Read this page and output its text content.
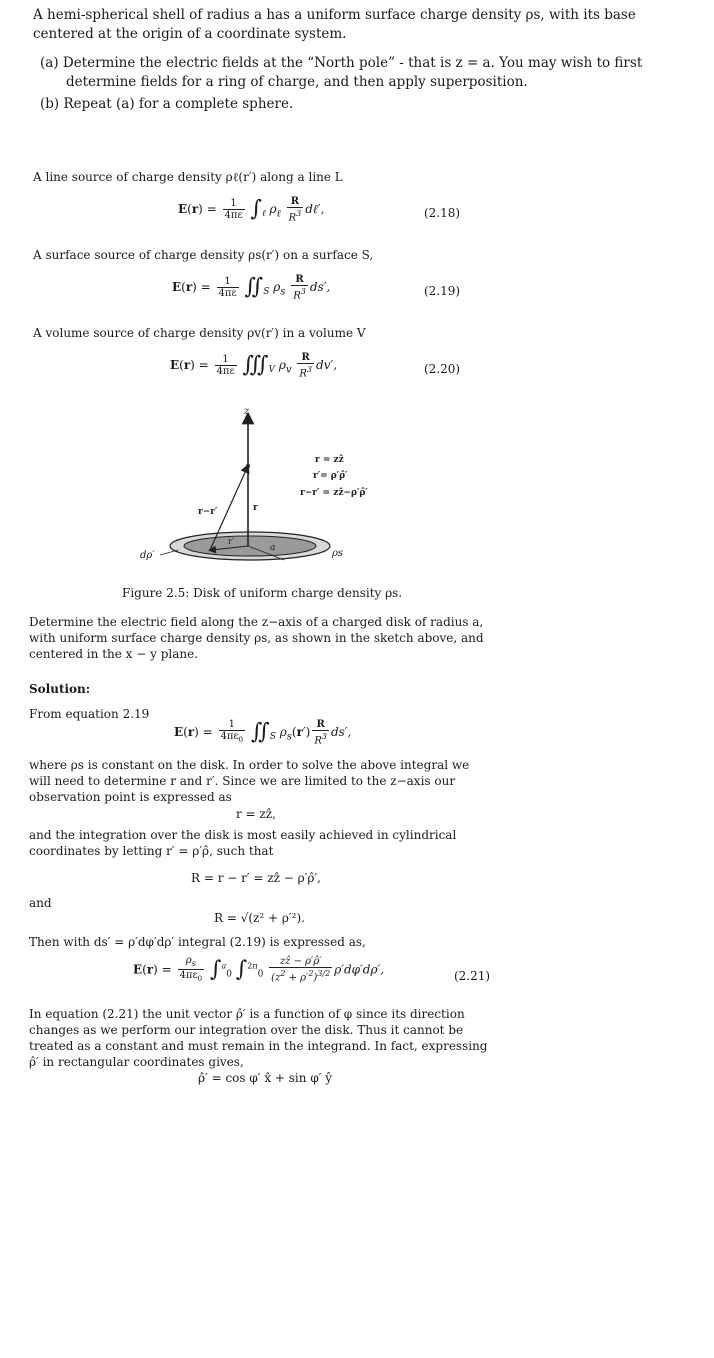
A hemi-spherical shell of radius a has a uniform surface charge density ρs, with its base centered at the origin of a coordinate system.
(a) Determine the electric fields at the “North pole” - that is z = a. You may wish to first determine fields for a ring of charge, and then apply superposition.
(b) Repeat (a) for a complete sphere.
A line source of charge density ρℓ(r′) along a line L
$E(r) = \frac{1}{4\pi\varepsilon} \int_\ell$ $\rho_\ell \frac{R}{R^3}$ dℓ′,	(2.18)
A surface source of charge density ρs(r′) on a surface S,
$E(r) = \frac{1}{4\pi\varepsilon}$ $∬_S$ $\rho_s \frac{R}{R^3} ds'$,	(2.19)
A volume source of charge density ρv(r′) in a volume V
$E(r) = \frac{1}{4\pi\varepsilon}$ $∭_V$ $\rho_v \frac{R}{R^3} dv'$,	(2.20)
z
r−r′	r
r′
a	ρs
dρ′
r = zẑ
r′= ρ′ρ̂′
r−r′ = zẑ−ρ′ρ̂′
Figure 2.5: Disk of uniform charge density ρs.
Determine the electric field along the z−axis of a charged disk of radius a, with uniform surface charge density ρs, as shown in the sketch above, and centered in the x − y plane.
Solution:
From equation 2.19
$E(r) = \frac{1}{4\pi\varepsilon_0}$ $∬_S$ $\rho_s(r') \frac{R}{R^3} ds'$,
where ρs is constant on the disk. In order to solve the above integral we will need to determine r and r′. Since we are limited to the z−axis our observation point is expressed as
r = zẑ,
and the integration over the disk is most easily achieved in cylindrical coordinates by letting r′ = ρ′ρ̂, such that
R = r − r′ = zẑ − ρ′ρ̂′,
and
R = √(z² + ρ′²).
Then with ds′ = ρ′dφ′dρ′ integral (2.19) is expressed as,
$E(r) = \frac{\rho_s}{4\pi\varepsilon_0} \int^a_0$ $\int^{2\pi}_0 \frac{\text{zẑ − ρ′ρ̂′}}{(z^2 + \rho'^2)^{3/2}} \rho'd\varphi'd\rho'$,	(2.21)
In equation (2.21) the unit vector ρ̂′ is a function of φ since its direction changes as we perform our integration over the disk. Thus it cannot be treated as a constant and must remain in the integrand. In fact, expressing ρ̂′ in rectangular coordinates gives,
ρ̂′ = cos φ′ x̂ + sin φ′ ŷ
